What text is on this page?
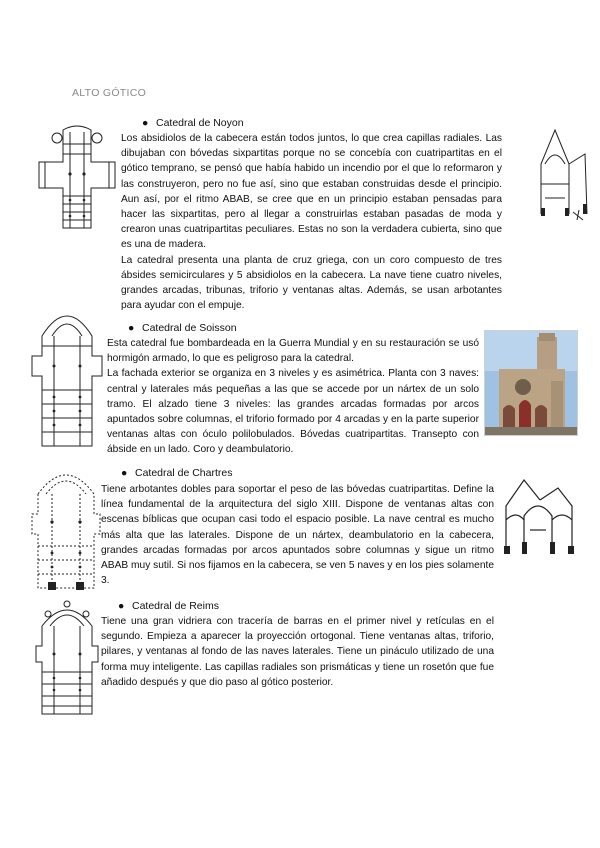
ALTO GÓTICO
● Catedral de Noyon

Los absidiolos de la cabecera están todos juntos, lo que crea capillas radiales. Las dibujaban con bóvedas sixpartitas porque no se concebía con cuatripartitas en el gótico temprano, se pensó que había habido un incendio por el que lo reformaron y las construyeron, pero no fue así, sino que estaban construidas desde el principio. Aun así, por el ritmo ABAB, se cree que en un principio estaban pensadas para hacer las sixpartitas, pero al llegar a construirlas estaban pasadas de moda y crearon unas cuatripartitas peculiares. Estas no son la verdadera cubierta, sino que es una de madera.

La catedral presenta una planta de cruz griega, con un coro compuesto de tres ábsides semicirculares y 5 absidiolos en la cabecera. La nave tiene cuatro niveles, grandes arcadas, tribunas, triforio y ventanas altas. Además, se usan arbotantes para ayudar con el empuje.

● Catedral de Soisson

Esta catedral fue bombardeada en la Guerra Mundial y en su restauración se usó hormigón armado, lo que es peligroso para la catedral.

La fachada exterior se organiza en 3 niveles y es asimétrica. Planta con 3 naves: central y laterales más pequeñas a las que se accede por un nártex de un solo tramo. El alzado tiene 3 niveles: las grandes arcadas formadas por arcos apuntados sobre columnas, el triforio formado por 4 arcadas y en la parte superior ventanas altas con óculo polilobulados. Bóvedas cuatripartitas. Transepto con ábside en un lado. Coro y deambulatorio.

● Catedral de Chartres

Tiene arbotantes dobles para soportar el peso de las bóvedas cuatripartitas. Define la línea fundamental de la arquitectura del siglo XIII. Dispone de ventanas altas con escenas bíblicas que ocupan casi todo el espacio posible. La nave central es mucho más alta que las laterales. Dispone de un nártex, deambulatorio en la cabecera, grandes arcadas formadas por arcos apuntados sobre columnas y sigue un ritmo ABAB muy sutil. Si nos fijamos en la cabecera, se ven 5 naves y en los pies solamente 3.

● Catedral de Reims

Tiene una gran vidriera con tracería de barras en el primer nivel y retículas en el segundo. Empieza a aparecer la proyección ortogonal. Tiene ventanas altas, triforio, pilares, y ventanas al fondo de las naves laterales. Tiene un pináculo utilizado de una forma muy inteligente. Las capillas radiales son prismáticas y tiene un rosetón que fue añadido después y que dio paso al gótico posterior.
